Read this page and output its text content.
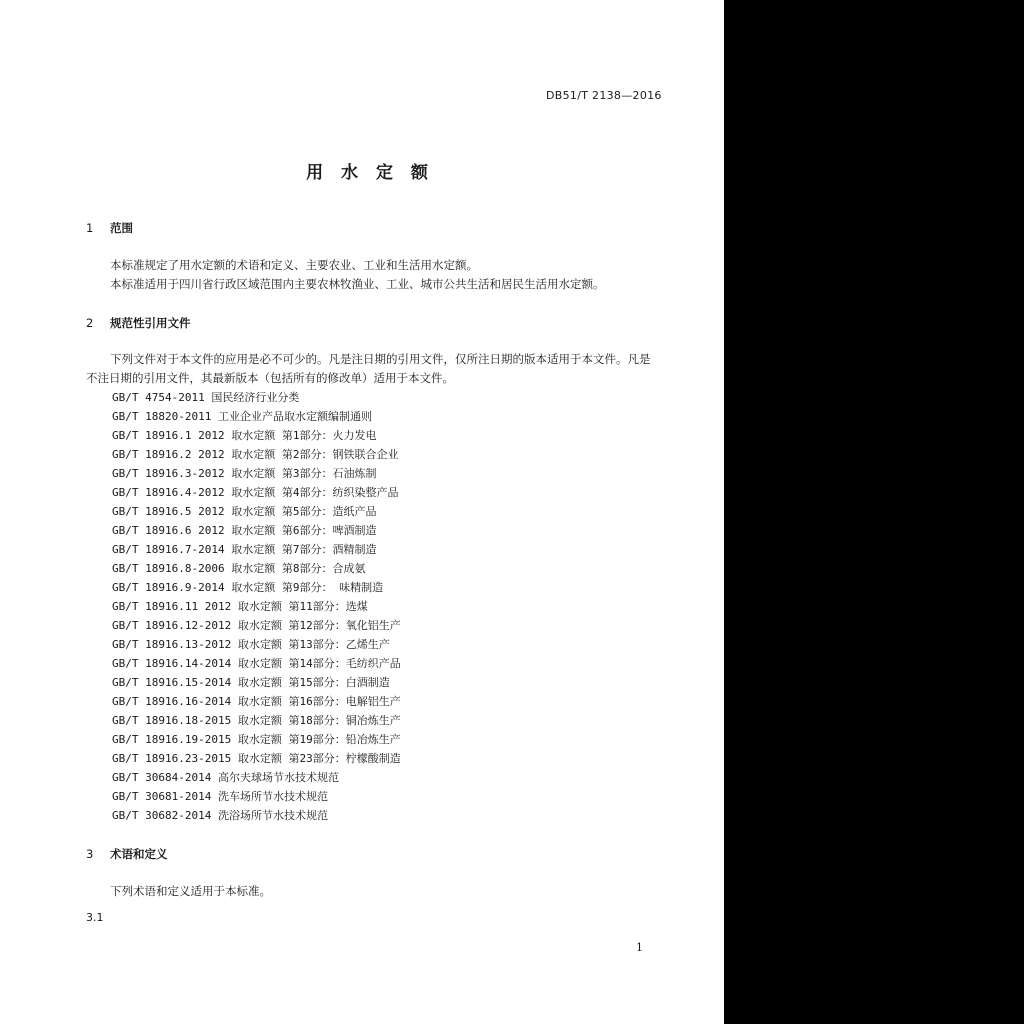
DB51/T 2138—2016
用 水 定 额
1 范围
本标准规定了用水定额的术语和定义、主要农业、工业和生活用水定额。
本标准适用于四川省行政区域范围内主要农林牧渔业、工业、城市公共生活和居民生活用水定额。
2 规范性引用文件
下列文件对于本文件的应用是必不可少的。凡是注日期的引用文件，仅所注日期的版本适用于本文件。凡是不注日期的引用文件，其最新版本（包括所有的修改单）适用于本文件。
GB/T 4754-2011 国民经济行业分类
GB/T 18820-2011 工业企业产品取水定额编制通则
GB/T 18916.1 2012 取水定额 第1部分：火力发电
GB/T 18916.2 2012 取水定额 第2部分：钢铁联合企业
GB/T 18916.3-2012 取水定额 第3部分：石油炼制
GB/T 18916.4-2012 取水定额 第4部分：纺织染整产品
GB/T 18916.5 2012 取水定额 第5部分：造纸产品
GB/T 18916.6 2012 取水定额 第6部分：啤酒制造
GB/T 18916.7-2014 取水定额 第7部分：酒精制造
GB/T 18916.8-2006 取水定额 第8部分：合成氨
GB/T 18916.9-2014 取水定额 第9部分： 味精制造
GB/T 18916.11 2012 取水定额 第11部分：选煤
GB/T 18916.12-2012 取水定额 第12部分：氧化铝生产
GB/T 18916.13-2012 取水定额 第13部分：乙烯生产
GB/T 18916.14-2014 取水定额 第14部分：毛纺织产品
GB/T 18916.15-2014 取水定额 第15部分：白酒制造
GB/T 18916.16-2014 取水定额 第16部分：电解铝生产
GB/T 18916.18-2015 取水定额 第18部分：铜冶炼生产
GB/T 18916.19-2015 取水定额 第19部分：铅冶炼生产
GB/T 18916.23-2015 取水定额 第23部分：柠檬酸制造
GB/T 30684-2014 高尔夫球场节水技术规范
GB/T 30681-2014 洗车场所节水技术规范
GB/T 30682-2014 洗浴场所节水技术规范
3 术语和定义
下列术语和定义适用于本标准。
3.1
1
